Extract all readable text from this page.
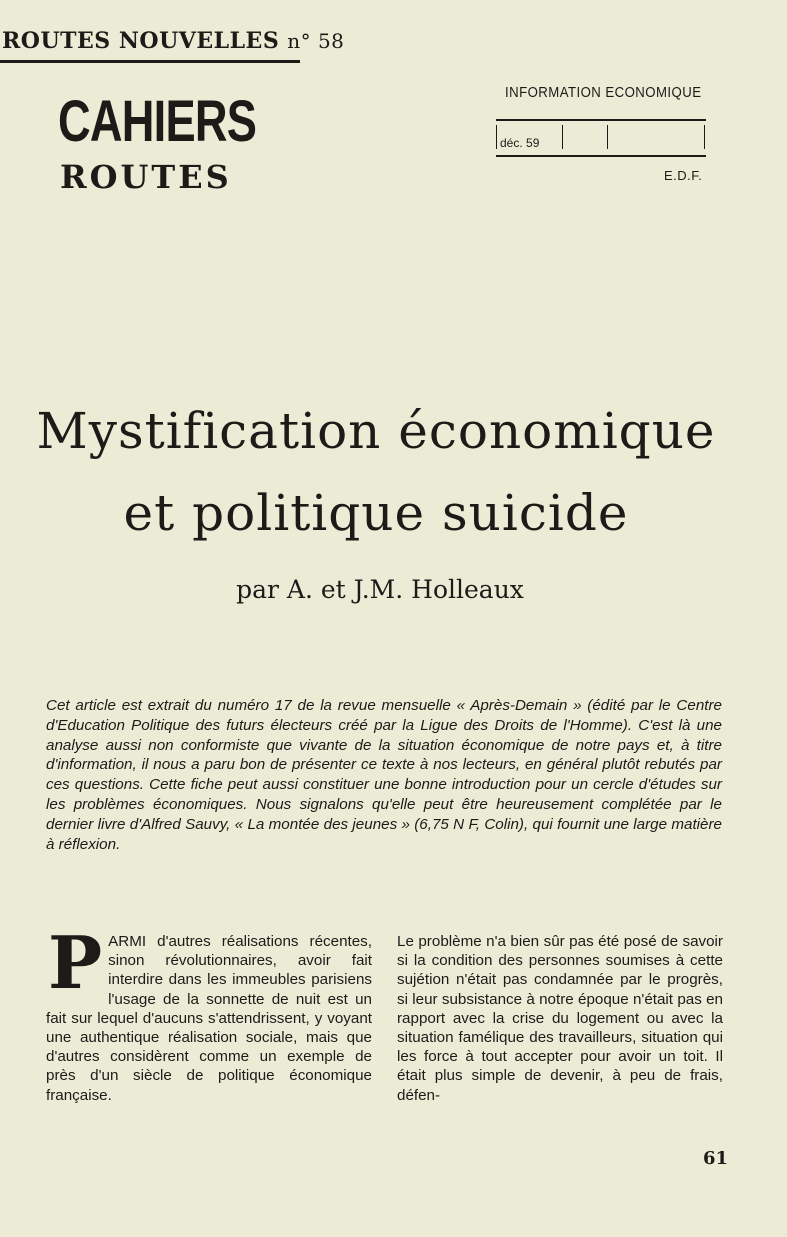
ROUTES NOUVELLES n° 58
CAHIERS
ROUTES
INFORMATION ECONOMIQUE
déc. 59
E.D.F.
Mystification économique
et politique suicide
par A. et J.M. Holleaux
Cet article est extrait du numéro 17 de la revue mensuelle « Après-Demain » (édité par le Centre d'Education Politique des futurs électeurs créé par la Ligue des Droits de l'Homme). C'est là une analyse aussi non conformiste que vivante de la situation économique de notre pays et, à titre d'information, il nous a paru bon de présenter ce texte à nos lecteurs, en général plutôt rebutés par ces questions. Cette fiche peut aussi constituer une bonne introduction pour un cercle d'études sur les problèmes économiques. Nous signalons qu'elle peut être heureusement complétée par le dernier livre d'Alfred Sauvy, « La montée des jeunes » (6,75 N F, Colin), qui fournit une large matière à réflexion.
PARMI d'autres réalisations récentes, sinon révolutionnaires, avoir fait interdire dans les immeubles parisiens l'usage de la sonnette de nuit est un fait sur lequel d'aucuns s'attendrissent, y voyant une authentique réalisation sociale, mais que d'autres considèrent comme un exemple de près d'un siècle de politique économique française.
Le problème n'a bien sûr pas été posé de savoir si la condition des personnes soumises à cette sujétion n'était pas condamnée par le progrès, si leur subsistance à notre époque n'était pas en rapport avec la crise du logement ou avec la situation famélique des travailleurs, situation qui les force à tout accepter pour avoir un toit. Il était plus simple de devenir, à peu de frais, défen-
61
